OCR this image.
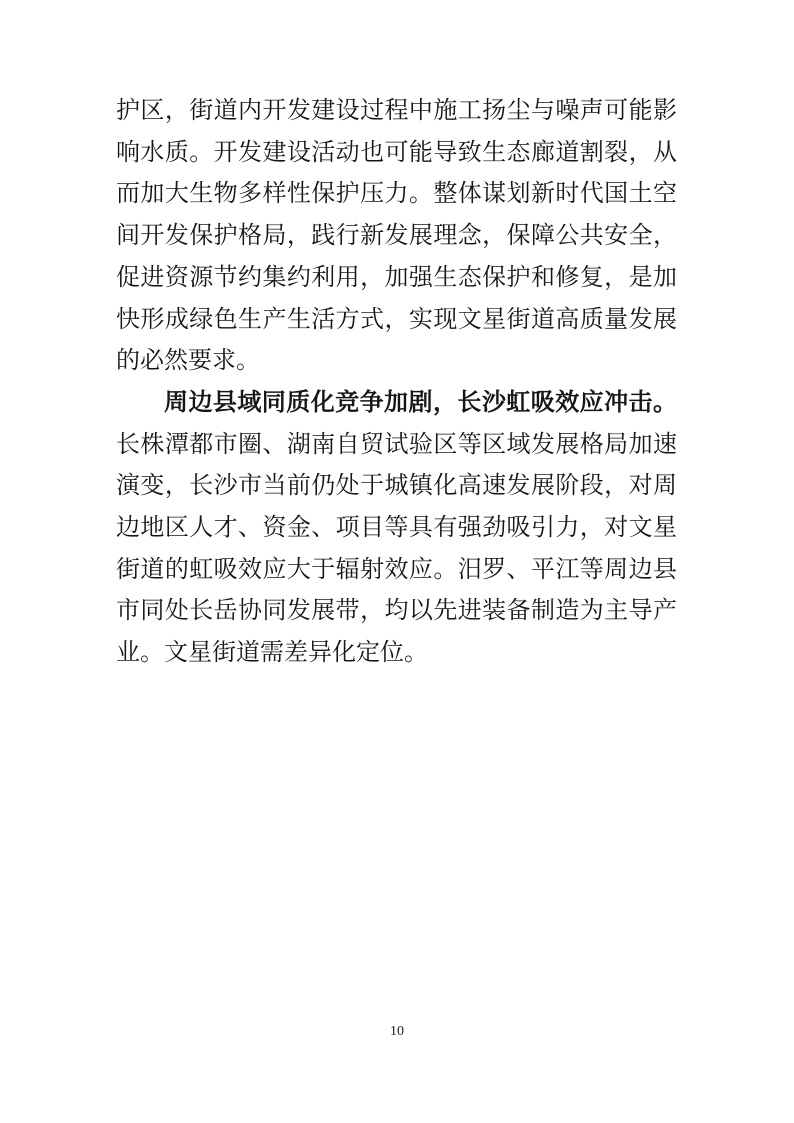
护区，街道内开发建设过程中施工扬尘与噪声可能影
响水质。开发建设活动也可能导致生态廊道割裂，从
而加大生物多样性保护压力。整体谋划新时代国土空
间开发保护格局，践行新发展理念，保障公共安全，
促进资源节约集约利用，加强生态保护和修复，是加
快形成绿色生产生活方式，实现文星街道高质量发展
的必然要求。

周边县域同质化竞争加剧，长沙虹吸效应冲击。
长株潭都市圈、湖南自贸试验区等区域发展格局加速
演变，长沙市当前仍处于城镇化高速发展阶段，对周
边地区人才、资金、项目等具有强劲吸引力，对文星
街道的虹吸效应大于辐射效应。汨罗、平江等周边县
市同处长岳协同发展带，均以先进装备制造为主导产
业。文星街道需差异化定位。

10
